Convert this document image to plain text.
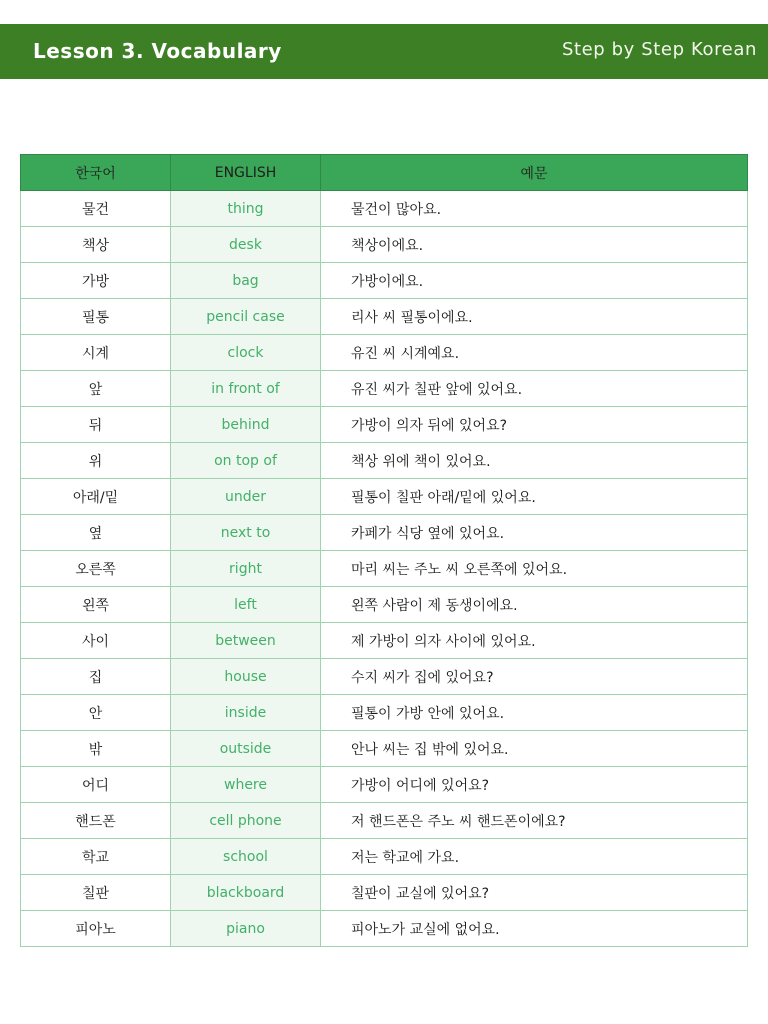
Lesson 3. Vocabulary	Step by Step Korean
한국어	ENGLISH	예문
물건	thing	물건이 많아요.
책상	desk	책상이에요.
가방	bag	가방이에요.
필통	pencil case	리사 씨 필통이에요.
시계	clock	유진 씨 시계예요.
앞	in front of	유진 씨가 칠판 앞에 있어요.
뒤	behind	가방이 의자 뒤에 있어요?
위	on top of	책상 위에 책이 있어요.
아래/밑	under	필통이 칠판 아래/밑에 있어요.
옆	next to	카페가 식당 옆에 있어요.
오른쪽	right	마리 씨는 주노 씨 오른쪽에 있어요.
왼쪽	left	왼쪽 사람이 제 동생이에요.
사이	between	제 가방이 의자 사이에 있어요.
집	house	수지 씨가 집에 있어요?
안	inside	필통이 가방 안에 있어요.
밖	outside	안나 씨는 집 밖에 있어요.
어디	where	가방이 어디에 있어요?
핸드폰	cell phone	저 핸드폰은 주노 씨 핸드폰이에요?
학교	school	저는 학교에 가요.
칠판	blackboard	칠판이 교실에 있어요?
피아노	piano	피아노가 교실에 없어요.
